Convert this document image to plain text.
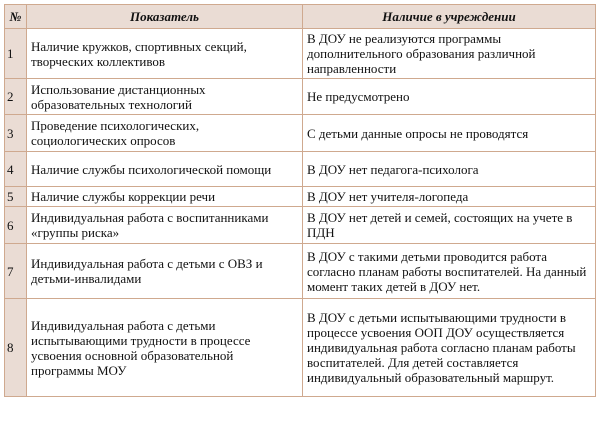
№	Показатель	Наличие в учреждении
1	Наличие кружков, спортивных секций, творческих коллективов	В ДОУ не реализуются программы дополнительного образования различной направленности
2	Использование дистанционных образовательных технологий	Не предусмотрено
3	Проведение психологических, социологических опросов	С детьми данные опросы не проводятся
4	Наличие службы психологической помощи	В ДОУ нет педагога-психолога
5	Наличие службы коррекции речи	В ДОУ нет учителя-логопеда
6	Индивидуальная работа с воспитанниками «группы риска»	В ДОУ нет детей и семей, состоящих на учете в ПДН
7	Индивидуальная работа с детьми с ОВЗ и детьми-инвалидами	В ДОУ с такими детьми проводится работа согласно планам работы воспитателей. На данный момент таких детей в ДОУ нет.
8	Индивидуальная работа с детьми испытывающими трудности в процессе усвоения основной образовательной программы МОУ	В ДОУ с детьми испытывающими трудности в процессе усвоения ООП ДОУ осуществляется индивидуальная работа согласно планам работы воспитателей. Для детей составляется индивидуальный образовательный маршрут.
